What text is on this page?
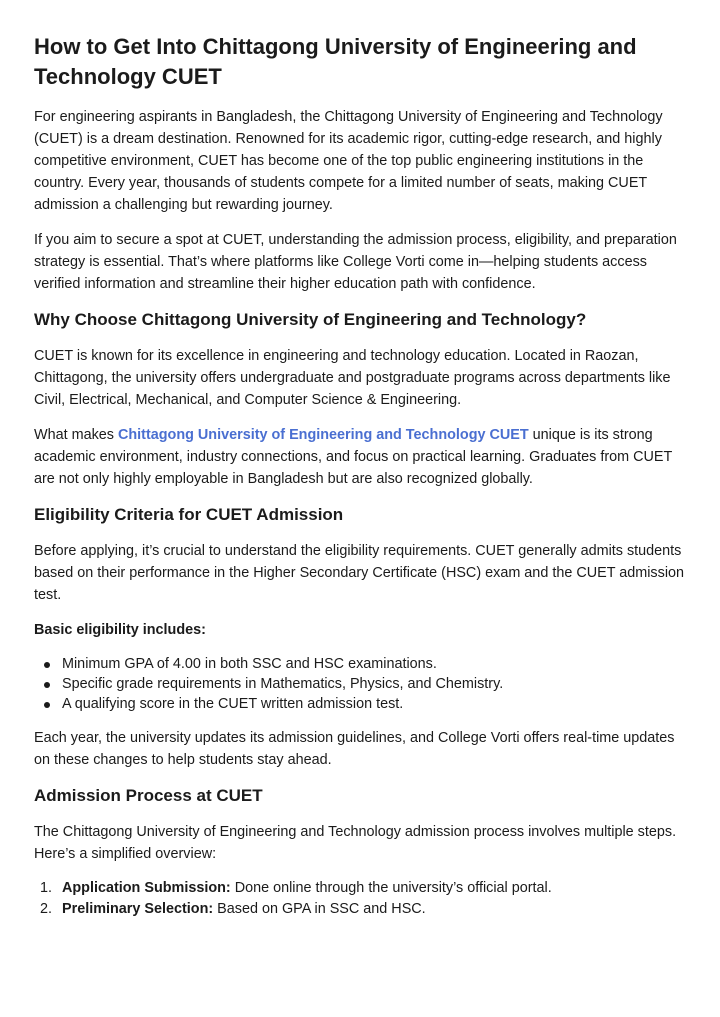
How to Get Into Chittagong University of Engineering and Technology CUET

For engineering aspirants in Bangladesh, the Chittagong University of Engineering and Technology (CUET) is a dream destination. Renowned for its academic rigor, cutting-edge research, and highly competitive environment, CUET has become one of the top public engineering institutions in the country. Every year, thousands of students compete for a limited number of seats, making CUET admission a challenging but rewarding journey.

If you aim to secure a spot at CUET, understanding the admission process, eligibility, and preparation strategy is essential. That’s where platforms like College Vorti come in—helping students access verified information and streamline their higher education path with confidence.

Why Choose Chittagong University of Engineering and Technology?

CUET is known for its excellence in engineering and technology education. Located in Raozan, Chittagong, the university offers undergraduate and postgraduate programs across departments like Civil, Electrical, Mechanical, and Computer Science & Engineering.

What makes Chittagong University of Engineering and Technology CUET unique is its strong academic environment, industry connections, and focus on practical learning. Graduates from CUET are not only highly employable in Bangladesh but are also recognized globally.

Eligibility Criteria for CUET Admission

Before applying, it’s crucial to understand the eligibility requirements. CUET generally admits students based on their performance in the Higher Secondary Certificate (HSC) exam and the CUET admission test.

Basic eligibility includes:
Minimum GPA of 4.00 in both SSC and HSC examinations.
Specific grade requirements in Mathematics, Physics, and Chemistry.
A qualifying score in the CUET written admission test.

Each year, the university updates its admission guidelines, and College Vorti offers real-time updates on these changes to help students stay ahead.

Admission Process at CUET

The Chittagong University of Engineering and Technology admission process involves multiple steps. Here’s a simplified overview:

1. Application Submission: Done online through the university’s official portal.
2. Preliminary Selection: Based on GPA in SSC and HSC.
